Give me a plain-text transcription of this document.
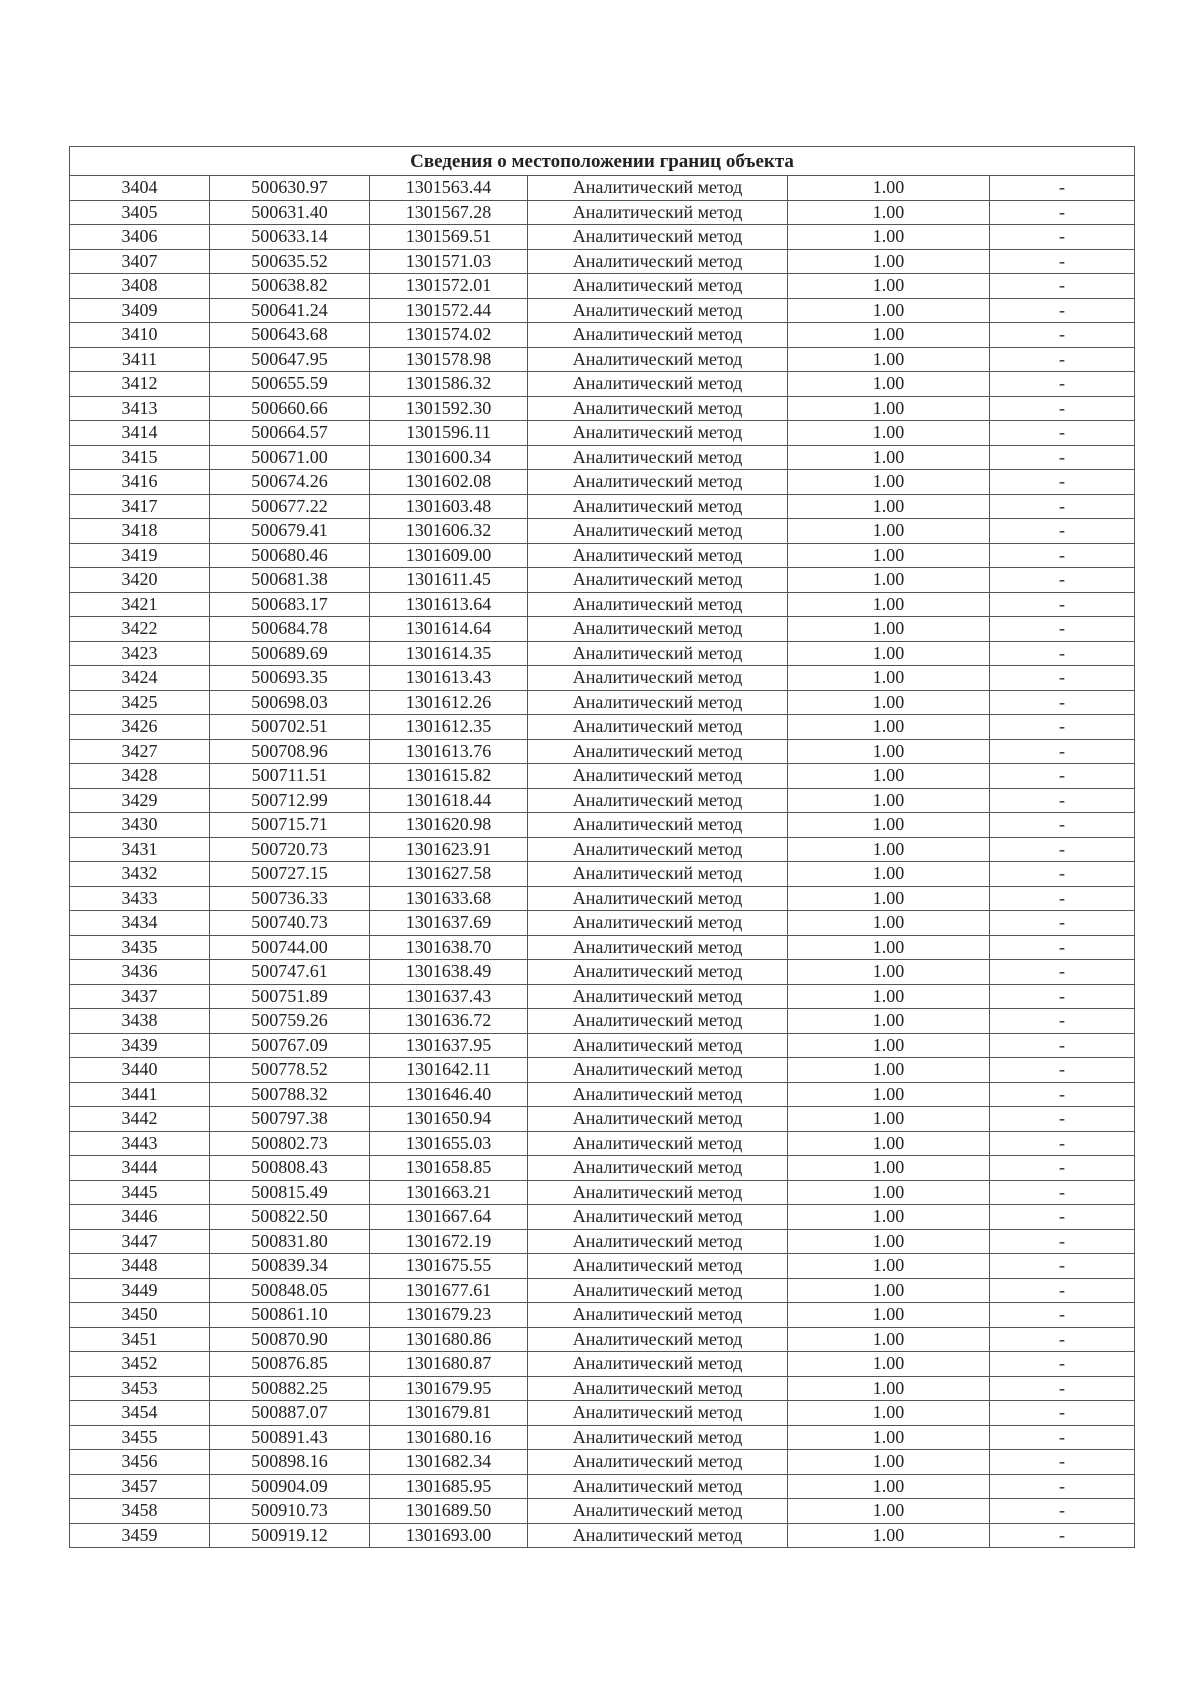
Сведения о местоположении границ объекта					
3404	500630.97	1301563.44	Аналитический метод	1.00	-
3405	500631.40	1301567.28	Аналитический метод	1.00	-
3406	500633.14	1301569.51	Аналитический метод	1.00	-
3407	500635.52	1301571.03	Аналитический метод	1.00	-
3408	500638.82	1301572.01	Аналитический метод	1.00	-
3409	500641.24	1301572.44	Аналитический метод	1.00	-
3410	500643.68	1301574.02	Аналитический метод	1.00	-
3411	500647.95	1301578.98	Аналитический метод	1.00	-
3412	500655.59	1301586.32	Аналитический метод	1.00	-
3413	500660.66	1301592.30	Аналитический метод	1.00	-
3414	500664.57	1301596.11	Аналитический метод	1.00	-
3415	500671.00	1301600.34	Аналитический метод	1.00	-
3416	500674.26	1301602.08	Аналитический метод	1.00	-
3417	500677.22	1301603.48	Аналитический метод	1.00	-
3418	500679.41	1301606.32	Аналитический метод	1.00	-
3419	500680.46	1301609.00	Аналитический метод	1.00	-
3420	500681.38	1301611.45	Аналитический метод	1.00	-
3421	500683.17	1301613.64	Аналитический метод	1.00	-
3422	500684.78	1301614.64	Аналитический метод	1.00	-
3423	500689.69	1301614.35	Аналитический метод	1.00	-
3424	500693.35	1301613.43	Аналитический метод	1.00	-
3425	500698.03	1301612.26	Аналитический метод	1.00	-
3426	500702.51	1301612.35	Аналитический метод	1.00	-
3427	500708.96	1301613.76	Аналитический метод	1.00	-
3428	500711.51	1301615.82	Аналитический метод	1.00	-
3429	500712.99	1301618.44	Аналитический метод	1.00	-
3430	500715.71	1301620.98	Аналитический метод	1.00	-
3431	500720.73	1301623.91	Аналитический метод	1.00	-
3432	500727.15	1301627.58	Аналитический метод	1.00	-
3433	500736.33	1301633.68	Аналитический метод	1.00	-
3434	500740.73	1301637.69	Аналитический метод	1.00	-
3435	500744.00	1301638.70	Аналитический метод	1.00	-
3436	500747.61	1301638.49	Аналитический метод	1.00	-
3437	500751.89	1301637.43	Аналитический метод	1.00	-
3438	500759.26	1301636.72	Аналитический метод	1.00	-
3439	500767.09	1301637.95	Аналитический метод	1.00	-
3440	500778.52	1301642.11	Аналитический метод	1.00	-
3441	500788.32	1301646.40	Аналитический метод	1.00	-
3442	500797.38	1301650.94	Аналитический метод	1.00	-
3443	500802.73	1301655.03	Аналитический метод	1.00	-
3444	500808.43	1301658.85	Аналитический метод	1.00	-
3445	500815.49	1301663.21	Аналитический метод	1.00	-
3446	500822.50	1301667.64	Аналитический метод	1.00	-
3447	500831.80	1301672.19	Аналитический метод	1.00	-
3448	500839.34	1301675.55	Аналитический метод	1.00	-
3449	500848.05	1301677.61	Аналитический метод	1.00	-
3450	500861.10	1301679.23	Аналитический метод	1.00	-
3451	500870.90	1301680.86	Аналитический метод	1.00	-
3452	500876.85	1301680.87	Аналитический метод	1.00	-
3453	500882.25	1301679.95	Аналитический метод	1.00	-
3454	500887.07	1301679.81	Аналитический метод	1.00	-
3455	500891.43	1301680.16	Аналитический метод	1.00	-
3456	500898.16	1301682.34	Аналитический метод	1.00	-
3457	500904.09	1301685.95	Аналитический метод	1.00	-
3458	500910.73	1301689.50	Аналитический метод	1.00	-
3459	500919.12	1301693.00	Аналитический метод	1.00	-
